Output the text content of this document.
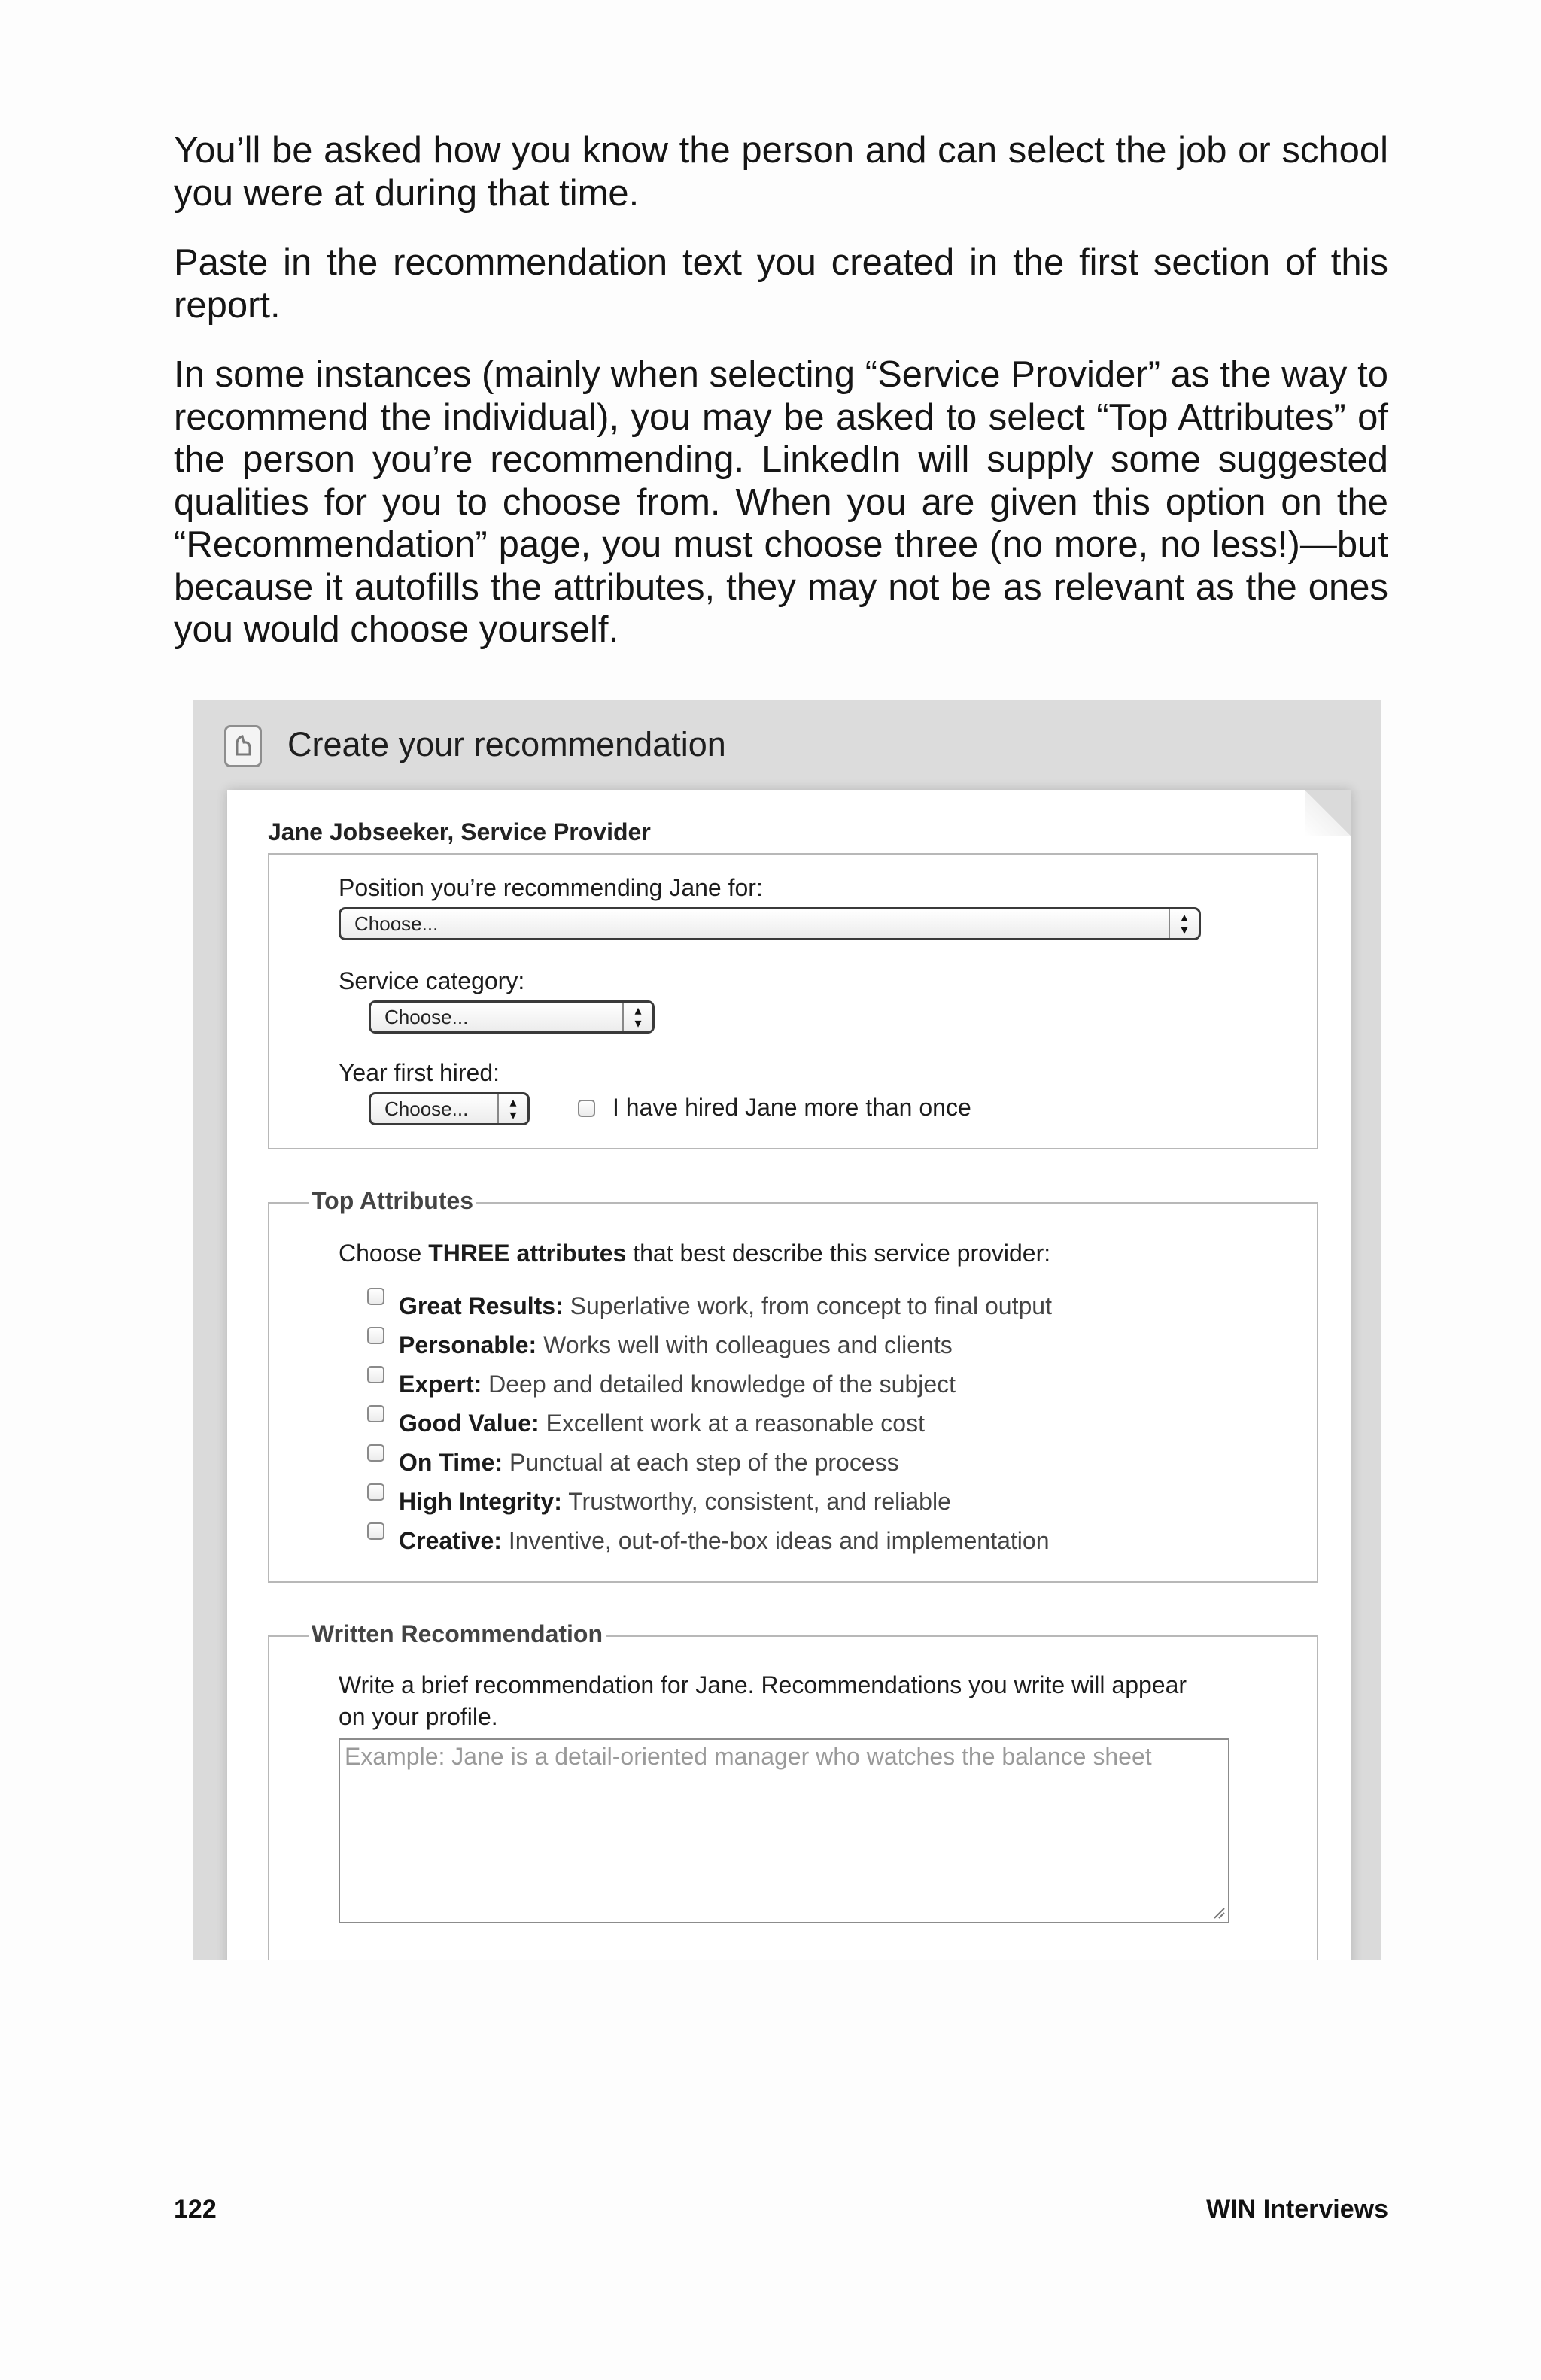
You’ll be asked how you know the person and can select the job or school you were at during that time.

Paste in the recommendation text you created in the first section of this report.

In some instances (mainly when selecting “Service Provider” as the way to recommend the individual), you may be asked to select “Top Attributes” of the person you’re recommending. LinkedIn will supply some suggested qualities for you to choose from. When you are given this option on the “Recommendation” page, you must choose three (no more, no less!)—but because it autofills the attributes, they may not be as relevant as the ones you would choose yourself.

Create your recommendation
Jane Jobseeker, Service Provider
Position you’re recommending Jane for:
Choose...	▴
▾
Service category:
Choose...	▴
▾
Year first hired:
Choose...	▴
▾	I have hired Jane more than once
Top Attributes
Choose THREE attributes that best describe this service provider:
Great Results: Superlative work, from concept to final output
Personable: Works well with colleagues and clients
Expert: Deep and detailed knowledge of the subject
Good Value: Excellent work at a reasonable cost
On Time: Punctual at each step of the process
High Integrity: Trustworthy, consistent, and reliable
Creative: Inventive, out-of-the-box ideas and implementation
Written Recommendation
Write a brief recommendation for Jane. Recommendations you write will appear
on your profile.
Example: Jane is a detail-oriented manager who watches the balance sheet
122	WIN Interviews
